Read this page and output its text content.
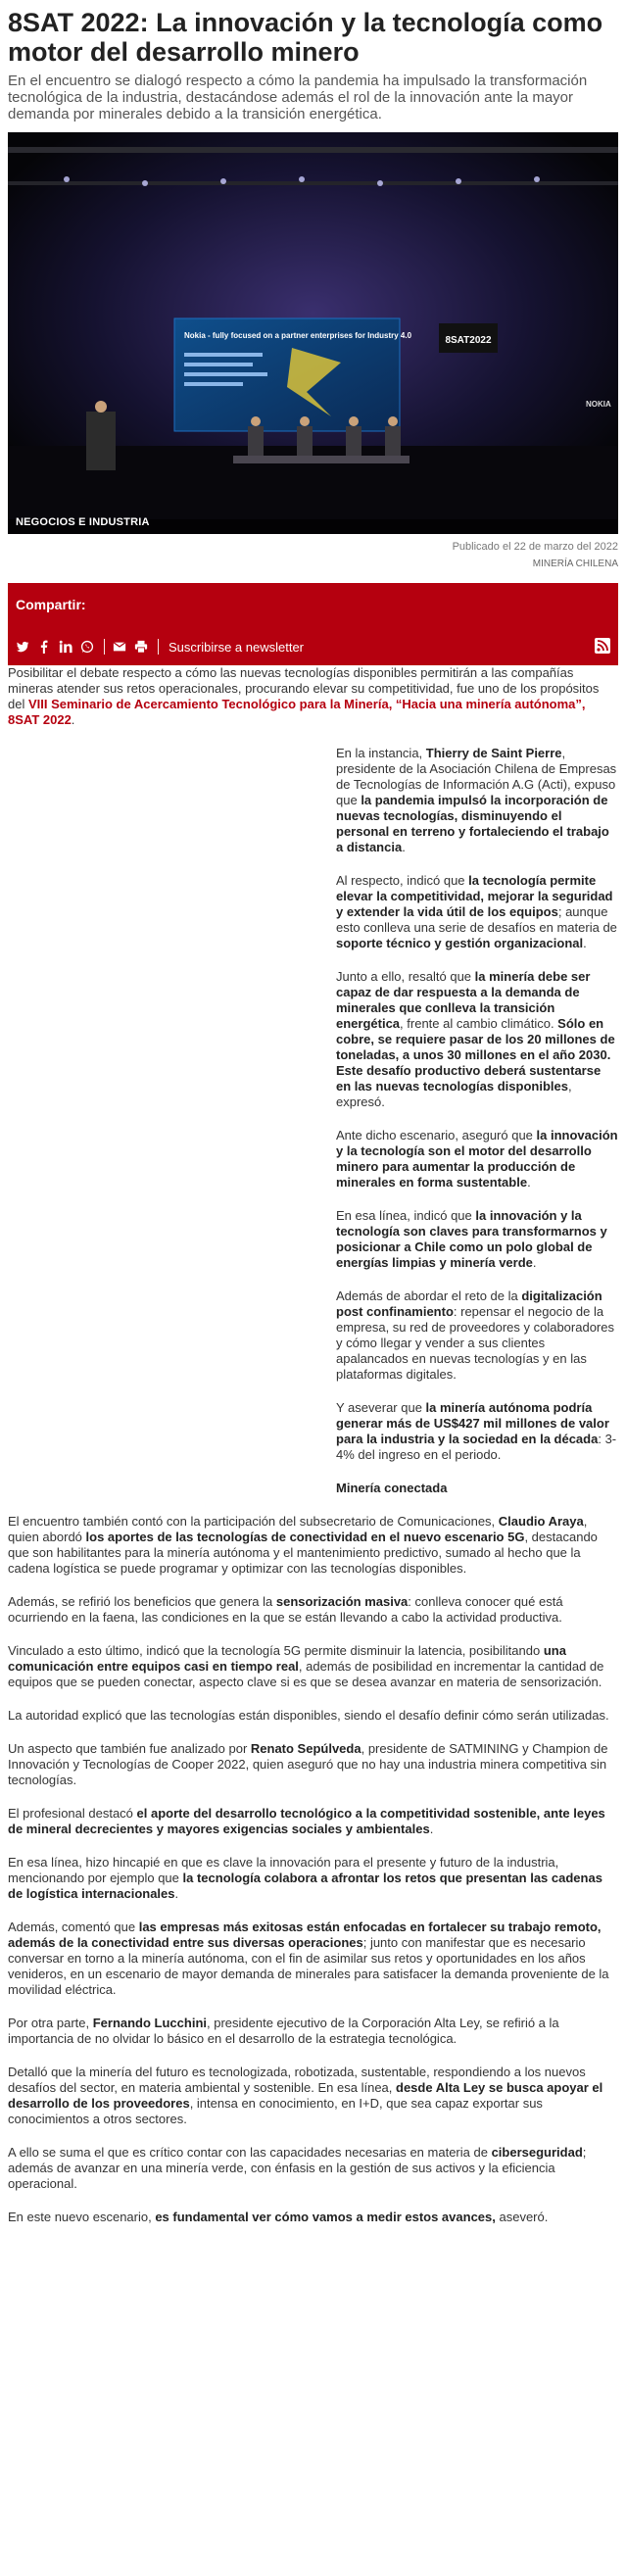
8SAT 2022: La innovación y la tecnología como motor del desarrollo minero

En el encuentro se dialogó respecto a cómo la pandemia ha impulsado la transformación tecnológica de la industria, destacándose además el rol de la innovación ante la mayor demanda por minerales debido a la transición energética.

Nokia - fully focused on a partner enterprises for Industry 4.0	8SAT2022
NOKIA
NEGOCIOS E INDUSTRIA
Publicado el 22 de marzo del 2022
MINERÍA CHILENA
Compartir:
Suscribirse a newsletter

Posibilitar el debate respecto a cómo las nuevas tecnologías disponibles permitirán a las compañías mineras atender sus retos operacionales, procurando elevar su competitividad, fue uno de los propósitos del VIII Seminario de Acercamiento Tecnológico para la Minería, “Hacia una minería autónoma”, 8SAT 2022.

En la instancia, Thierry de Saint Pierre, presidente de la Asociación Chilena de Empresas de Tecnologías de Información A.G (Acti), expuso que la pandemia impulsó la incorporación de nuevas tecnologías, disminuyendo el personal en terreno y fortaleciendo el trabajo a distancia.

Al respecto, indicó que la tecnología permite elevar la competitividad, mejorar la seguridad y extender la vida útil de los equipos; aunque esto conlleva una serie de desafíos en materia de soporte técnico y gestión organizacional.

Junto a ello, resaltó que la minería debe ser capaz de dar respuesta a la demanda de minerales que conlleva la transición energética, frente al cambio climático. Sólo en cobre, se requiere pasar de los 20 millones de toneladas, a unos 30 millones en el año 2030. Este desafío productivo deberá sustentarse en las nuevas tecnologías disponibles, expresó.

Ante dicho escenario, aseguró que la innovación y la tecnología son el motor del desarrollo minero para aumentar la producción de minerales en forma sustentable.

En esa línea, indicó que la innovación y la tecnología son claves para transformarnos y posicionar a Chile como un polo global de energías limpias y minería verde.

Además de abordar el reto de la digitalización post confinamiento: repensar el negocio de la empresa, su red de proveedores y colaboradores y cómo llegar y vender a sus clientes apalancados en nuevas tecnologías y en las plataformas digitales.

Y aseverar que la minería autónoma podría generar más de US$427 mil millones de valor para la industria y la sociedad en la década: 3-4% del ingreso en el periodo.

Minería conectada

El encuentro también contó con la participación del subsecretario de Comunicaciones, Claudio Araya, quien abordó los aportes de las tecnologías de conectividad en el nuevo escenario 5G, destacando que son habilitantes para la minería autónoma y el mantenimiento predictivo, sumado al hecho que la cadena logística se puede programar y optimizar con las tecnologías disponibles.

Además, se refirió los beneficios que genera la sensorización masiva: conlleva conocer qué está ocurriendo en la faena, las condiciones en la que se están llevando a cabo la actividad productiva.

Vinculado a esto último, indicó que la tecnología 5G permite disminuir la latencia, posibilitando una comunicación entre equipos casi en tiempo real, además de posibilidad en incrementar la cantidad de equipos que se pueden conectar, aspecto clave si es que se desea avanzar en materia de sensorización.

La autoridad explicó que las tecnologías están disponibles, siendo el desafío definir cómo serán utilizadas.

Un aspecto que también fue analizado por Renato Sepúlveda, presidente de SATMINING y Champion de Innovación y Tecnologías de Cooper 2022, quien aseguró que no hay una industria minera competitiva sin tecnologías.

El profesional destacó el aporte del desarrollo tecnológico a la competitividad sostenible, ante leyes de mineral decrecientes y mayores exigencias sociales y ambientales.

En esa línea, hizo hincapié en que es clave la innovación para el presente y futuro de la industria, mencionando por ejemplo que la tecnología colabora a afrontar los retos que presentan las cadenas de logística internacionales.

Además, comentó que las empresas más exitosas están enfocadas en fortalecer su trabajo remoto, además de la conectividad entre sus diversas operaciones; junto con manifestar que es necesario conversar en torno a la minería autónoma, con el fin de asimilar sus retos y oportunidades en los años venideros, en un escenario de mayor demanda de minerales para satisfacer la demanda proveniente de la movilidad eléctrica.

Por otra parte, Fernando Lucchini, presidente ejecutivo de la Corporación Alta Ley, se refirió a la importancia de no olvidar lo básico en el desarrollo de la estrategia tecnológica.

Detalló que la minería del futuro es tecnologizada, robotizada, sustentable, respondiendo a los nuevos desafíos del sector, en materia ambiental y sostenible. En esa línea, desde Alta Ley se busca apoyar el desarrollo de los proveedores, intensa en conocimiento, en I+D, que sea capaz exportar sus conocimientos a otros sectores.

A ello se suma el que es crítico contar con las capacidades necesarias en materia de ciberseguridad; además de avanzar en una minería verde, con énfasis en la gestión de sus activos y la eficiencia operacional.

En este nuevo escenario, es fundamental ver cómo vamos a medir estos avances, aseveró.
